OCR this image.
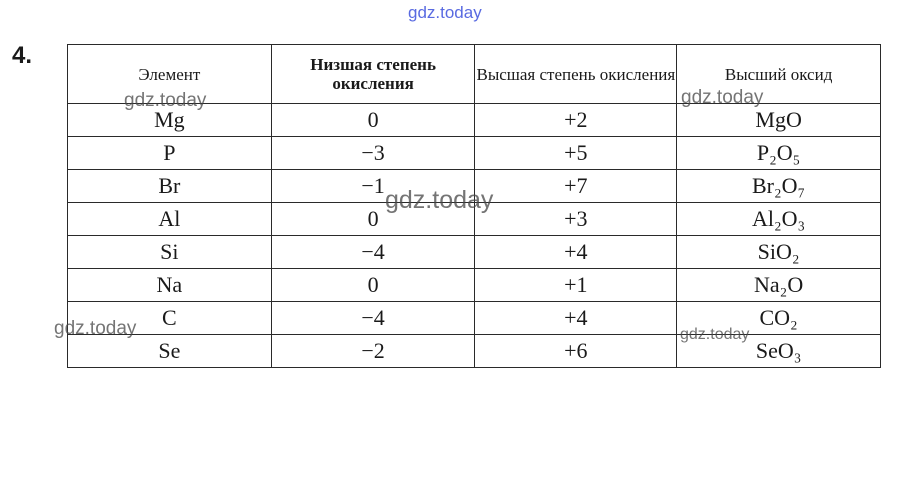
4.
Элемент	Низшая степень окисления	Высшая степень окисления	Высший оксид
Mg	0	+2	MgO
P	−3	+5	P₂O₅
Br	−1	+7	Br₂O₇
Al	0	+3	Al₂O₃
Si	−4	+4	SiO₂
Na	0	+1	Na₂O
C	−4	+4	CO₂
Se	−2	+6	SeO₃
gdz.today
gdz.today	gdz.today
gdz.today
gdz.today	gdz.today
